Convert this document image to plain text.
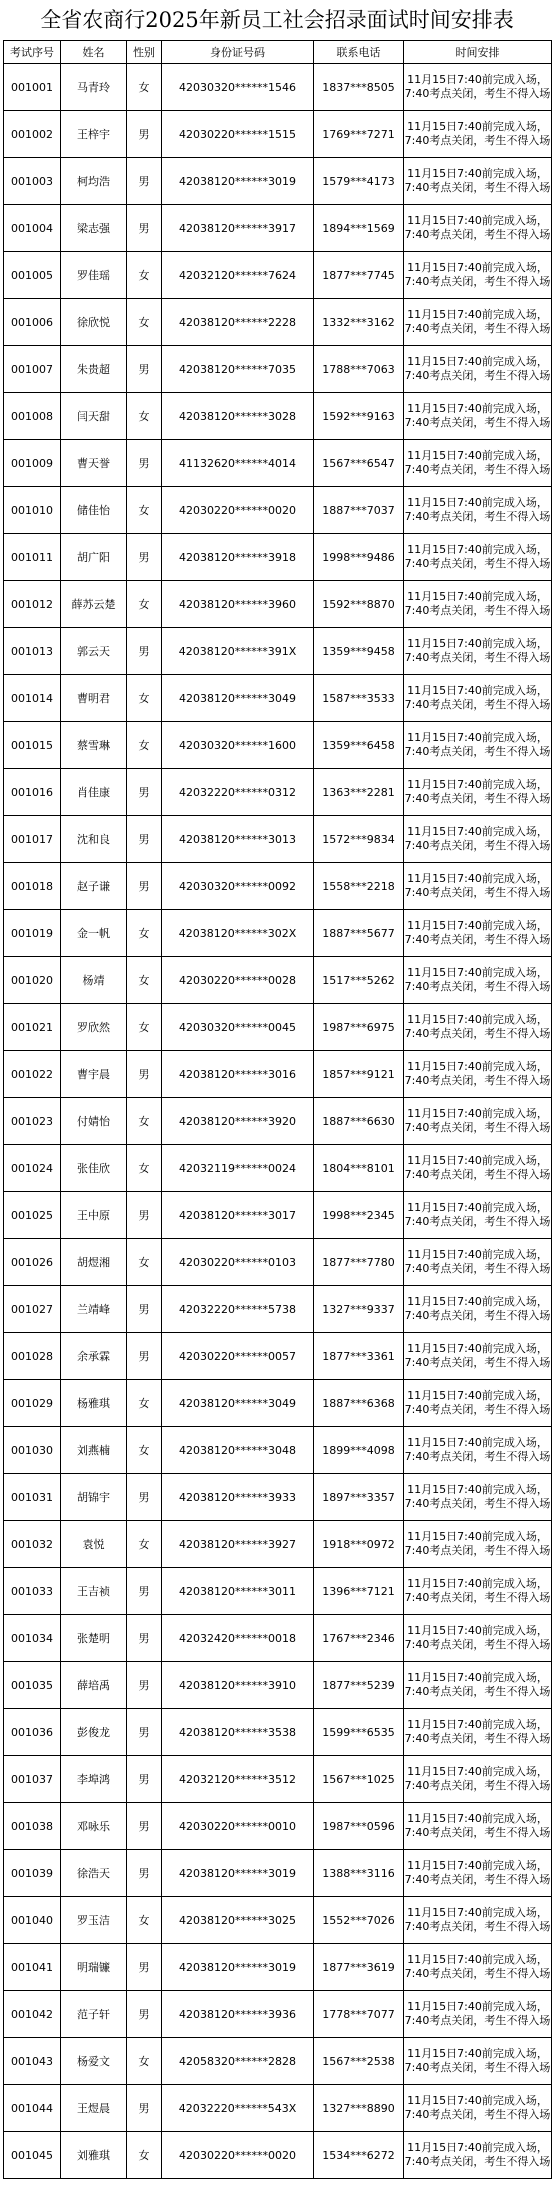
全省农商行2025年新员工社会招录面试时间安排表
考试序号	姓名	性别	身份证号码	联系电话	时间安排
001001	马青玲	女	42030320******1546	1837***8505	11月15日7:40前完成入场，7:40考点关闭，考生不得入场
001002	王梓宇	男	42030220******1515	1769***7271	11月15日7:40前完成入场，7:40考点关闭，考生不得入场
001003	柯均浩	男	42038120******3019	1579***4173	11月15日7:40前完成入场，7:40考点关闭，考生不得入场
001004	梁志强	男	42038120******3917	1894***1569	11月15日7:40前完成入场，7:40考点关闭，考生不得入场
001005	罗佳瑶	女	42032120******7624	1877***7745	11月15日7:40前完成入场，7:40考点关闭，考生不得入场
001006	徐欣悦	女	42038120******2228	1332***3162	11月15日7:40前完成入场，7:40考点关闭，考生不得入场
001007	朱贵超	男	42038120******7035	1788***7063	11月15日7:40前完成入场，7:40考点关闭，考生不得入场
001008	闫天甜	女	42038120******3028	1592***9163	11月15日7:40前完成入场，7:40考点关闭，考生不得入场
001009	曹天誉	男	41132620******4014	1567***6547	11月15日7:40前完成入场，7:40考点关闭，考生不得入场
001010	储佳怡	女	42030220******0020	1887***7037	11月15日7:40前完成入场，7:40考点关闭，考生不得入场
001011	胡广阳	男	42038120******3918	1998***9486	11月15日7:40前完成入场，7:40考点关闭，考生不得入场
001012	薛苏云楚	女	42038120******3960	1592***8870	11月15日7:40前完成入场，7:40考点关闭，考生不得入场
001013	郭云天	男	42038120******391X	1359***9458	11月15日7:40前完成入场，7:40考点关闭，考生不得入场
001014	曹明君	女	42038120******3049	1587***3533	11月15日7:40前完成入场，7:40考点关闭，考生不得入场
001015	蔡雪琳	女	42030320******1600	1359***6458	11月15日7:40前完成入场，7:40考点关闭，考生不得入场
001016	肖佳康	男	42032220******0312	1363***2281	11月15日7:40前完成入场，7:40考点关闭，考生不得入场
001017	沈和良	男	42038120******3013	1572***9834	11月15日7:40前完成入场，7:40考点关闭，考生不得入场
001018	赵子谦	男	42030320******0092	1558***2218	11月15日7:40前完成入场，7:40考点关闭，考生不得入场
001019	金一帆	女	42038120******302X	1887***5677	11月15日7:40前完成入场，7:40考点关闭，考生不得入场
001020	杨靖	女	42030220******0028	1517***5262	11月15日7:40前完成入场，7:40考点关闭，考生不得入场
001021	罗欣然	女	42030320******0045	1987***6975	11月15日7:40前完成入场，7:40考点关闭，考生不得入场
001022	曹宇晨	男	42038120******3016	1857***9121	11月15日7:40前完成入场，7:40考点关闭，考生不得入场
001023	付婧怡	女	42038120******3920	1887***6630	11月15日7:40前完成入场，7:40考点关闭，考生不得入场
001024	张佳欣	女	42032119******0024	1804***8101	11月15日7:40前完成入场，7:40考点关闭，考生不得入场
001025	王中原	男	42038120******3017	1998***2345	11月15日7:40前完成入场，7:40考点关闭，考生不得入场
001026	胡煜湘	女	42030220******0103	1877***7780	11月15日7:40前完成入场，7:40考点关闭，考生不得入场
001027	兰靖峰	男	42032220******5738	1327***9337	11月15日7:40前完成入场，7:40考点关闭，考生不得入场
001028	余承霖	男	42030220******0057	1877***3361	11月15日7:40前完成入场，7:40考点关闭，考生不得入场
001029	杨雅琪	女	42038120******3049	1887***6368	11月15日7:40前完成入场，7:40考点关闭，考生不得入场
001030	刘燕楠	女	42038120******3048	1899***4098	11月15日7:40前完成入场，7:40考点关闭，考生不得入场
001031	胡锦宇	男	42038120******3933	1897***3357	11月15日7:40前完成入场，7:40考点关闭，考生不得入场
001032	袁悦	女	42038120******3927	1918***0972	11月15日7:40前完成入场，7:40考点关闭，考生不得入场
001033	王吉祯	男	42038120******3011	1396***7121	11月15日7:40前完成入场，7:40考点关闭，考生不得入场
001034	张楚明	男	42032420******0018	1767***2346	11月15日7:40前完成入场，7:40考点关闭，考生不得入场
001035	薛培禹	男	42038120******3910	1877***5239	11月15日7:40前完成入场，7:40考点关闭，考生不得入场
001036	彭俊龙	男	42038120******3538	1599***6535	11月15日7:40前完成入场，7:40考点关闭，考生不得入场
001037	李埠鸿	男	42032120******3512	1567***1025	11月15日7:40前完成入场，7:40考点关闭，考生不得入场
001038	邓咏乐	男	42030220******0010	1987***0596	11月15日7:40前完成入场，7:40考点关闭，考生不得入场
001039	徐浩天	男	42038120******3019	1388***3116	11月15日7:40前完成入场，7:40考点关闭，考生不得入场
001040	罗玉洁	女	42038120******3025	1552***7026	11月15日7:40前完成入场，7:40考点关闭，考生不得入场
001041	明瑞镰	男	42038120******3019	1877***3619	11月15日7:40前完成入场，7:40考点关闭，考生不得入场
001042	范子轩	男	42038120******3936	1778***7077	11月15日7:40前完成入场，7:40考点关闭，考生不得入场
001043	杨爱文	女	42058320******2828	1567***2538	11月15日7:40前完成入场，7:40考点关闭，考生不得入场
001044	王煜晨	男	42032220******543X	1327***8890	11月15日7:40前完成入场，7:40考点关闭，考生不得入场
001045	刘雅琪	女	42030220******0020	1534***6272	11月15日7:40前完成入场，7:40考点关闭，考生不得入场
